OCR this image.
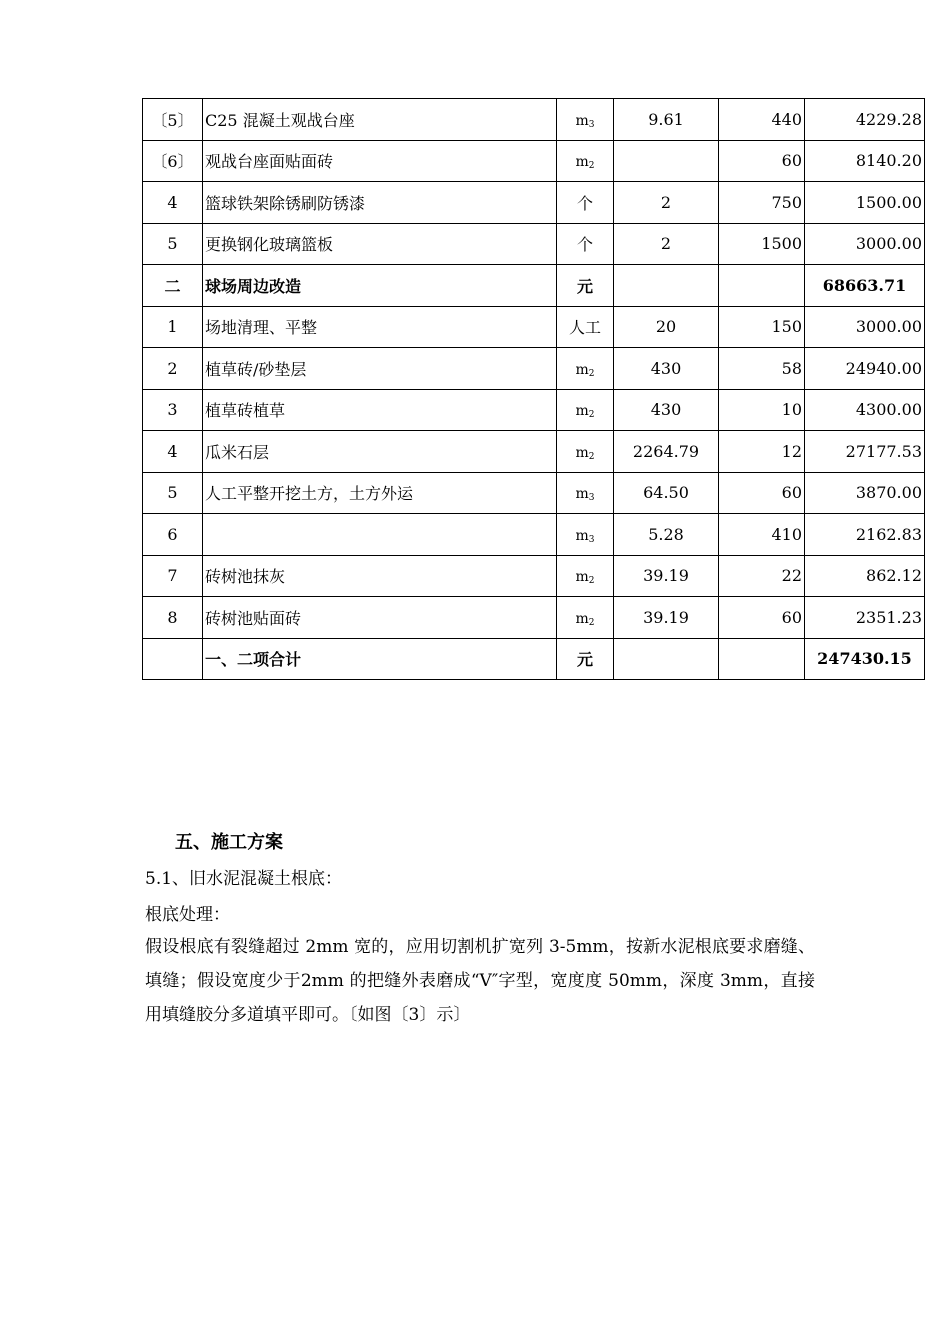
〔5〕	C25 混凝土观战台座	m3	9.61	440	4229.28
〔6〕	观战台座面贴面砖	m2		60	8140.20
4	篮球铁架除锈刷防锈漆	个	2	750	1500.00
5	更换钢化玻璃篮板	个	2	1500	3000.00
二	球场周边改造	元			68663.71
1	场地清理、平整	人工	20	150	3000.00
2	植草砖/砂垫层	m2	430	58	24940.00
3	植草砖植草	m2	430	10	4300.00
4	瓜米石层	m2	2264.79	12	27177.53
5	人工平整开挖土方，土方外运	m3	64.50	60	3870.00
6		m3	5.28	410	2162.83
7	砖树池抹灰	m2	39.19	22	862.12
8	砖树池贴面砖	m2	39.19	60	2351.23
	一、二项合计	元			247430.15
五、施工方案
5.1、旧水泥混凝土根底：
根底处理：

假设根底有裂缝超过 2mm 宽的，应用切割机扩宽列 3-5mm，按新水泥根底要求磨缝、填缝；假设宽度少于2mm 的把缝外表磨成“V″字型，宽度度 50mm，深度 3mm，直接用填缝胶分多道填平即可。〔如图〔3〕示〕
